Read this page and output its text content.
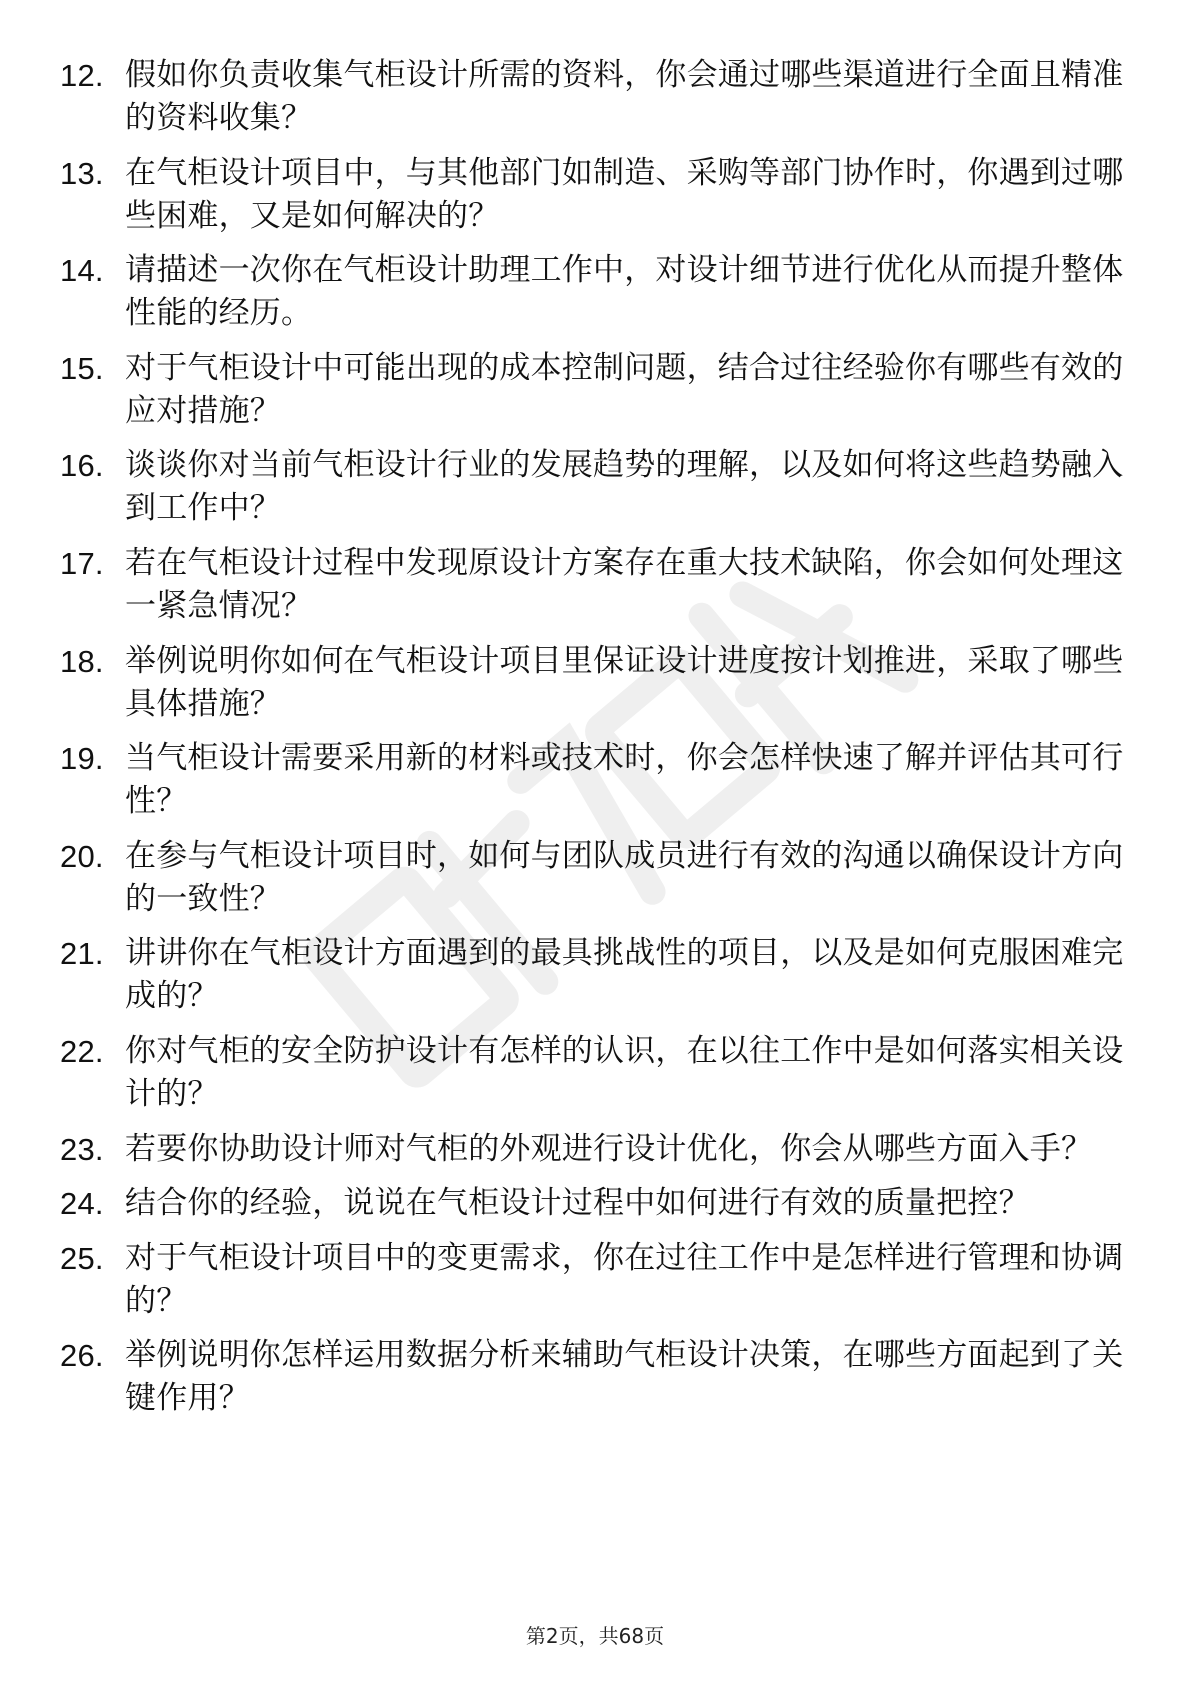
12. 假如你负责收集气柜设计所需的资料，你会通过哪些渠道进行全面且精准的资料收集？
13. 在气柜设计项目中，与其他部门如制造、采购等部门协作时，你遇到过哪些困难，又是如何解决的？
14. 请描述一次你在气柜设计助理工作中，对设计细节进行优化从而提升整体性能的经历。
15. 对于气柜设计中可能出现的成本控制问题，结合过往经验你有哪些有效的应对措施？
16. 谈谈你对当前气柜设计行业的发展趋势的理解，以及如何将这些趋势融入到工作中？
17. 若在气柜设计过程中发现原设计方案存在重大技术缺陷，你会如何处理这一紧急情况？
18. 举例说明你如何在气柜设计项目里保证设计进度按计划推进，采取了哪些具体措施？
19. 当气柜设计需要采用新的材料或技术时，你会怎样快速了解并评估其可行性？
20. 在参与气柜设计项目时，如何与团队成员进行有效的沟通以确保设计方向的一致性？
21. 讲讲你在气柜设计方面遇到的最具挑战性的项目，以及是如何克服困难完成的？
22. 你对气柜的安全防护设计有怎样的认识，在以往工作中是如何落实相关设计的？
23. 若要你协助设计师对气柜的外观进行设计优化，你会从哪些方面入手？
24. 结合你的经验，说说在气柜设计过程中如何进行有效的质量把控？
25. 对于气柜设计项目中的变更需求，你在过往工作中是怎样进行管理和协调的？
26. 举例说明你怎样运用数据分析来辅助气柜设计决策，在哪些方面起到了关键作用？
第2页，共68页
